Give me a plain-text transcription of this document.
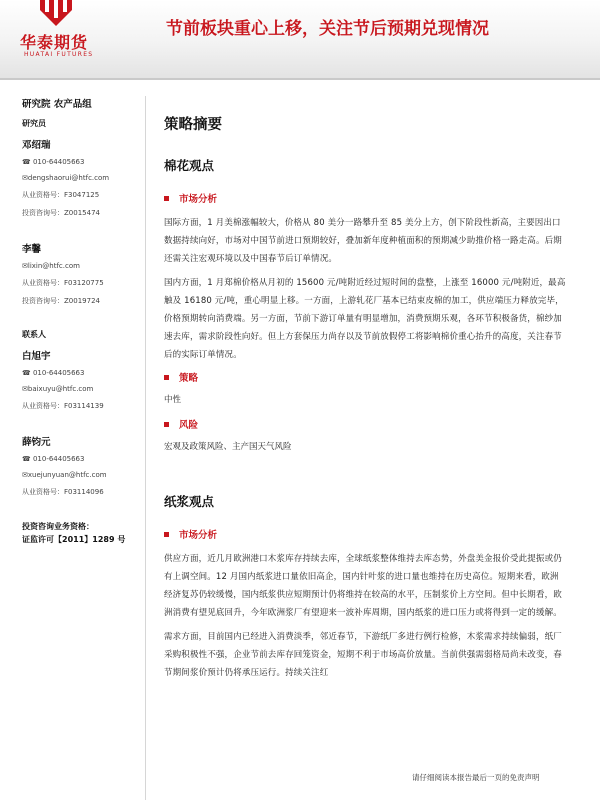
华泰期货
HUATAI FUTURES
节前板块重心上移，关注节后预期兑现情况
研究院 农产品组
研究员
邓绍瑞
☎ 010-64405663
✉dengshaorui@htfc.com
从业资格号：F3047125
投资咨询号：Z0015474
李馨
✉lixin@htfc.com
从业资格号：F03120775
投资咨询号：Z0019724
联系人
白旭宇
☎ 010-64405663
✉baixuyu@htfc.com
从业资格号：F03114139
薛钧元
☎ 010-64405663
✉xuejunyuan@htfc.com
从业资格号：F03114096
投资咨询业务资格：
证监许可【2011】1289 号
策略摘要
棉花观点
市场分析
国际方面，1 月美棉涨幅较大，价格从 80 美分一路攀升至 85 美分上方，创下阶段性新高，主要因出口数据持续向好，市场对中国节前进口预期较好，叠加新年度种植面积的预期减少助推价格一路走高。后期还需关注宏观环境以及中国春节后订单情况。
国内方面，1 月郑棉价格从月初的 15600 元/吨附近经过短时间的盘整，上涨至 16000 元/吨附近，最高触及 16180 元/吨，重心明显上移。一方面，上游轧花厂基本已结束皮棉的加工，供应端压力释放完毕，价格预期转向消费端。另一方面，节前下游订单量有明显增加，消费预期乐观，各环节积极备货，棉纱加速去库，需求阶段性向好。但上方套保压力尚存以及节前放假停工将影响棉价重心抬升的高度，关注春节后的实际订单情况。
策略
中性
风险
宏观及政策风险、主产国天气风险
纸浆观点
市场分析
供应方面，近几月欧洲港口木浆库存持续去库，全球纸浆整体维持去库态势，外盘美金报价受此提振或仍有上调空间。12 月国内纸浆进口量依旧高企，国内针叶浆的进口量也维持在历史高位。短期来看，欧洲经济复苏仍较缓慢，国内纸浆供应短期预计仍将维持在较高的水平，压制浆价上方空间。但中长期看，欧洲消费有望见底回升，今年欧洲浆厂有望迎来一波补库周期，国内纸浆的进口压力或将得到一定的缓解。
需求方面，目前国内已经进入消费淡季，邻近春节，下游纸厂多进行例行检修，木浆需求持续偏弱，纸厂采购积极性不强，企业节前去库存回笼资金，短期不利于市场高价放量。当前供强需弱格局尚未改变，春节期间浆价预计仍将承压运行。持续关注红
请仔细阅读本报告最后一页的免责声明
